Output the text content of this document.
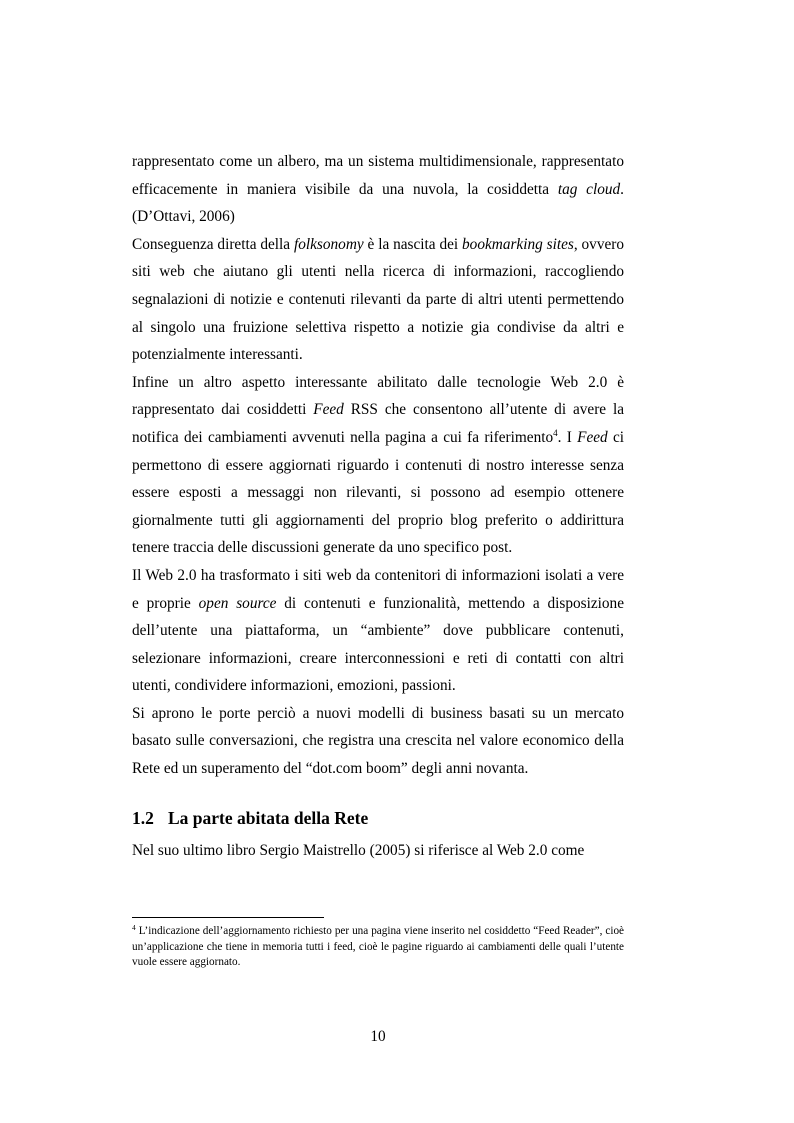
rappresentato come un albero, ma un sistema multidimensionale, rappresentato efficacemente in maniera visibile da una nuvola, la cosiddetta tag cloud. (D’Ottavi, 2006)

Conseguenza diretta della folksonomy è la nascita dei bookmarking sites, ovvero siti web che aiutano gli utenti nella ricerca di informazioni, raccogliendo segnalazioni di notizie e contenuti rilevanti da parte di altri utenti permettendo al singolo una fruizione selettiva rispetto a notizie gia condivise da altri e potenzialmente interessanti.

Infine un altro aspetto interessante abilitato dalle tecnologie Web 2.0 è rappresentato dai cosiddetti Feed RSS che consentono all’utente di avere la notifica dei cambiamenti avvenuti nella pagina a cui fa riferimento$^4$. I Feed ci permettono di essere aggiornati riguardo i contenuti di nostro interesse senza essere esposti a messaggi non rilevanti, si possono ad esempio ottenere giornalmente tutti gli aggiornamenti del proprio blog preferito o addirittura tenere traccia delle discussioni generate da uno specifico post.

Il Web 2.0 ha trasformato i siti web da contenitori di informazioni isolati a vere e proprie open source di contenuti e funzionalità, mettendo a disposizione dell’utente una piattaforma, un “ambiente” dove pubblicare contenuti, selezionare informazioni, creare interconnessioni e reti di contatti con altri utenti, condividere informazioni, emozioni, passioni.

Si aprono le porte perciò a nuovi modelli di business basati su un mercato basato sulle conversazioni, che registra una crescita nel valore economico della Rete ed un superamento del “dot.com boom” degli anni novanta.

1.2 La parte abitata della Rete

Nel suo ultimo libro Sergio Maistrello (2005) si riferisce al Web 2.0 come

$^4$ L’indicazione dell’aggiornamento richiesto per una pagina viene inserito nel cosiddetto “Feed Reader”, cioè un’applicazione che tiene in memoria tutti i feed, cioè le pagine riguardo ai cambiamenti delle quali l’utente vuole essere aggiornato.
10
